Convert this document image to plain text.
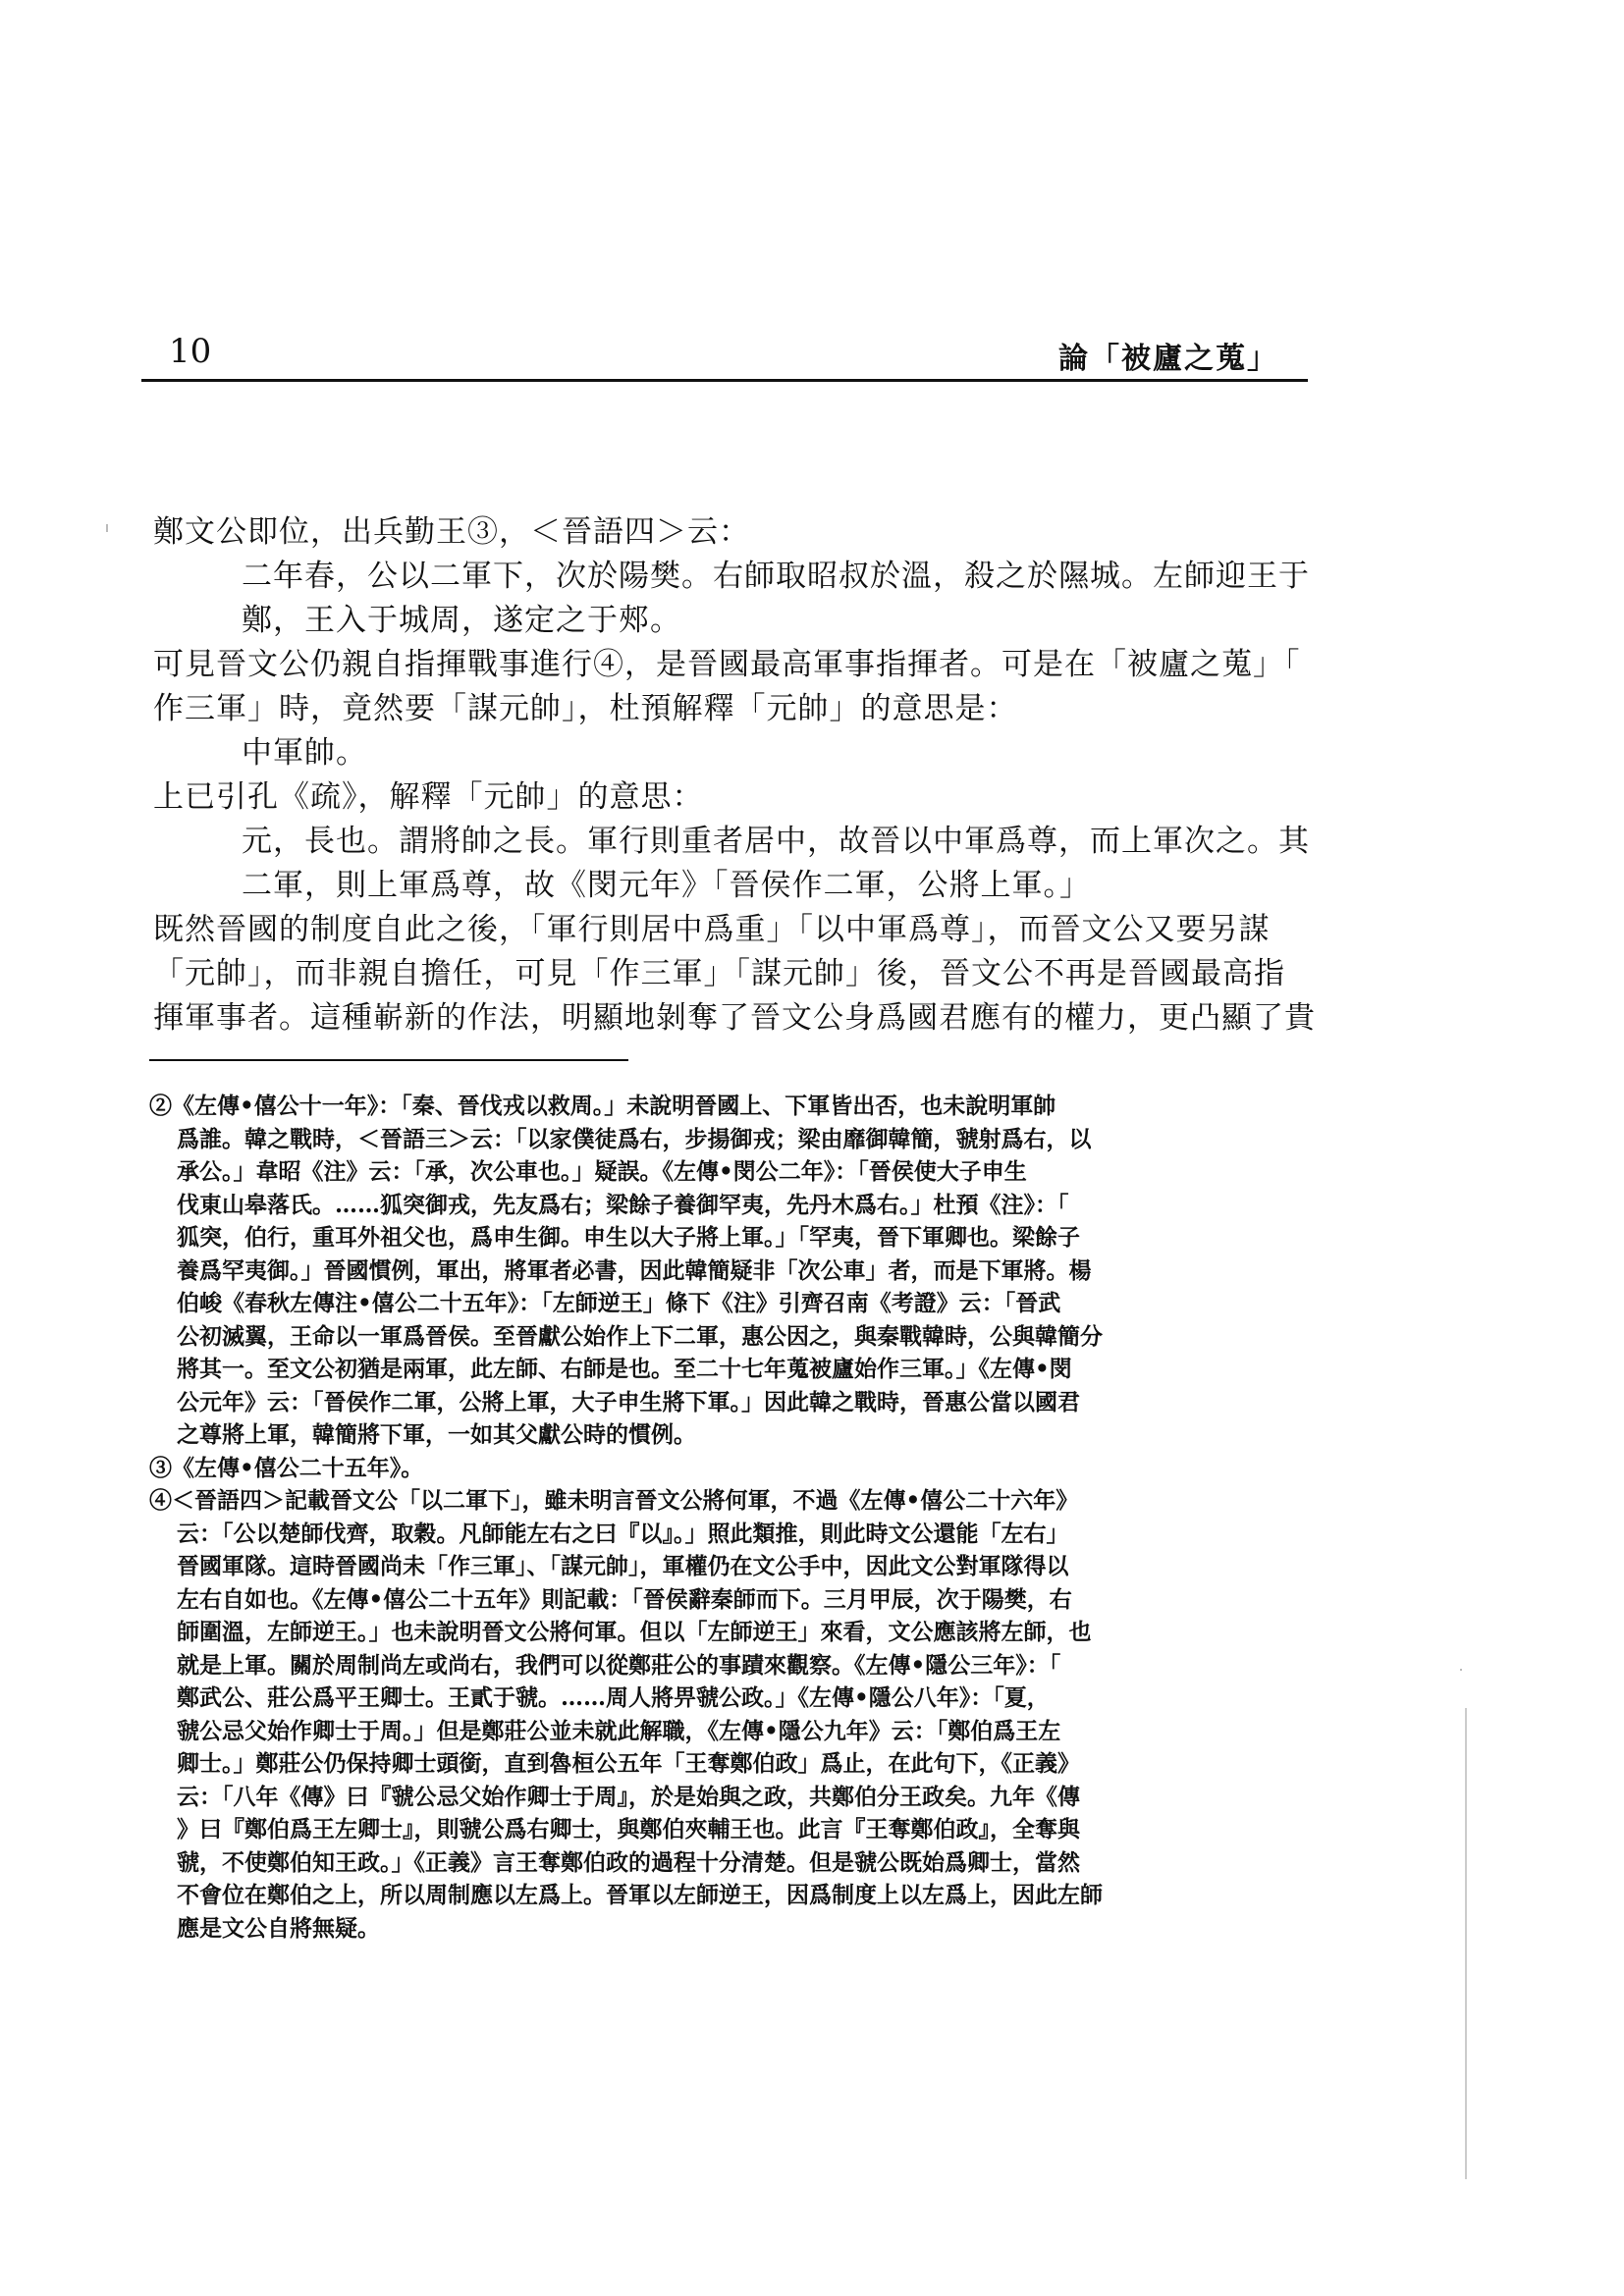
10	論「被廬之蒐」
鄭文公即位，出兵勤王③，＜晉語四＞云：
二年春，公以二軍下，次於陽樊。右師取昭叔於溫，殺之於隰城。左師迎王于
鄭，王入于城周，遂定之于郟。
可見晉文公仍親自指揮戰事進行④，是晉國最高軍事指揮者。可是在「被廬之蒐」「
作三軍」時，竟然要「謀元帥」，杜預解釋「元帥」的意思是：
中軍帥。
上已引孔《疏》，解釋「元帥」的意思：
元，長也。謂將帥之長。軍行則重者居中，故晉以中軍爲尊，而上軍次之。其
二軍，則上軍爲尊，故《閔元年》「晉侯作二軍，公將上軍。」
既然晉國的制度自此之後，「軍行則居中爲重」「以中軍爲尊」，而晉文公又要另謀
「元帥」，而非親自擔任，可見「作三軍」「謀元帥」後，晉文公不再是晉國最高指
揮軍事者。這種嶄新的作法，明顯地剝奪了晉文公身爲國君應有的權力，更凸顯了貴
②《左傳•僖公十一年》：「秦、晉伐戎以救周。」未說明晉國上、下軍皆出否，也未說明軍帥
爲誰。韓之戰時，＜晉語三＞云：「以家僕徒爲右，步揚御戎；梁由靡御韓簡，虢射爲右，以
承公。」韋昭《注》云：「承，次公車也。」疑誤。《左傳•閔公二年》：「晉侯使大子申生
伐東山皋落氏。……狐突御戎，先友爲右；梁餘子養御罕夷，先丹木爲右。」杜預《注》：「
狐突，伯行，重耳外祖父也，爲申生御。申生以大子將上軍。」「罕夷，晉下軍卿也。梁餘子
養爲罕夷御。」晉國慣例，軍出，將軍者必書，因此韓簡疑非「次公車」者，而是下軍將。楊
伯峻《春秋左傳注•僖公二十五年》：「左師逆王」條下《注》引齊召南《考證》云：「晉武
公初滅翼，王命以一軍爲晉侯。至晉獻公始作上下二軍，惠公因之，與秦戰韓時，公與韓簡分
將其一。至文公初猶是兩軍，此左師、右師是也。至二十七年蒐被廬始作三軍。」《左傳•閔
公元年》云：「晉侯作二軍，公將上軍，大子申生將下軍。」因此韓之戰時，晉惠公當以國君
之尊將上軍，韓簡將下軍，一如其父獻公時的慣例。
③《左傳•僖公二十五年》。
④＜晉語四＞記載晉文公「以二軍下」，雖未明言晉文公將何軍，不過《左傳•僖公二十六年》
云：「公以楚師伐齊，取穀。凡師能左右之曰『以』。」照此類推，則此時文公還能「左右」
晉國軍隊。這時晉國尚未「作三軍」、「謀元帥」，軍權仍在文公手中，因此文公對軍隊得以
左右自如也。《左傳•僖公二十五年》則記載：「晉侯辭秦師而下。三月甲辰，次于陽樊，右
師圍溫，左師逆王。」也未說明晉文公將何軍。但以「左師逆王」來看，文公應該將左師，也
就是上軍。關於周制尚左或尚右，我們可以從鄭莊公的事蹟來觀察。《左傳•隱公三年》：「
鄭武公、莊公爲平王卿士。王貳于虢。……周人將畀虢公政。」《左傳•隱公八年》：「夏，
虢公忌父始作卿士于周。」但是鄭莊公並未就此解職，《左傳•隱公九年》云：「鄭伯爲王左
卿士。」鄭莊公仍保持卿士頭銜，直到魯桓公五年「王奪鄭伯政」爲止，在此句下，《正義》
云：「八年《傳》曰『虢公忌父始作卿士于周』，於是始與之政，共鄭伯分王政矣。九年《傳
》曰『鄭伯爲王左卿士』，則虢公爲右卿士，與鄭伯夾輔王也。此言『王奪鄭伯政』，全奪與
虢，不使鄭伯知王政。」《正義》言王奪鄭伯政的過程十分清楚。但是虢公既始爲卿士，當然
不會位在鄭伯之上，所以周制應以左爲上。晉軍以左師逆王，因爲制度上以左爲上，因此左師
應是文公自將無疑。
